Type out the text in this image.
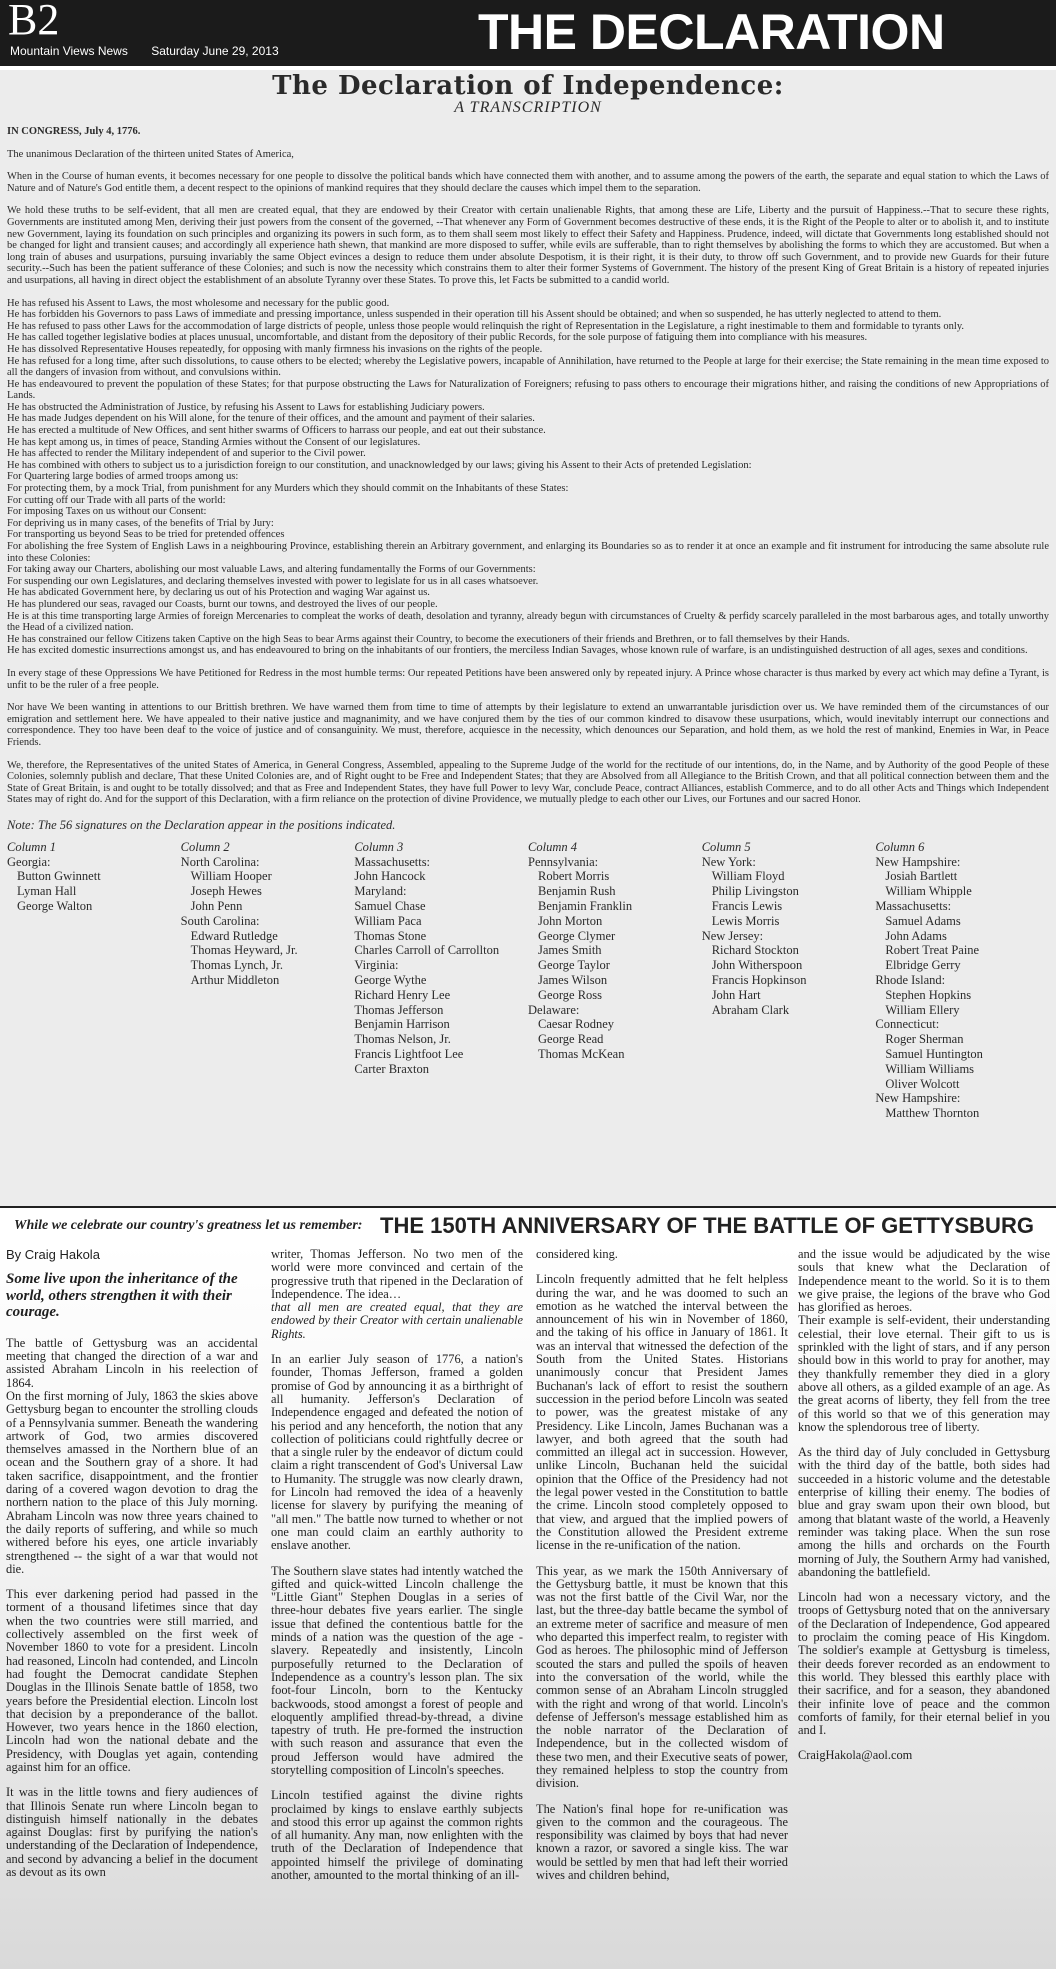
B2
Mountain Views News Saturday June 29, 2013	THE DECLARATION
The Declaration of Independence:
A TRANSCRIPTION

IN CONGRESS, July 4, 1776.

The unanimous Declaration of the thirteen united States of America,

When in the Course of human events, it becomes necessary for one people to dissolve the political bands which have connected them with another, and to assume among the powers of the earth, the separate and equal station to which the Laws of Nature and of Nature's God entitle them, a decent respect to the opinions of mankind requires that they should declare the causes which impel them to the separation.

We hold these truths to be self-evident, that all men are created equal, that they are endowed by their Creator with certain unalienable Rights, that among these are Life, Liberty and the pursuit of Happiness.--That to secure these rights, Governments are instituted among Men, deriving their just powers from the consent of the governed, --That whenever any Form of Government becomes destructive of these ends, it is the Right of the People to alter or to abolish it, and to institute new Government, laying its foundation on such principles and organizing its powers in such form, as to them shall seem most likely to effect their Safety and Happiness. Prudence, indeed, will dictate that Governments long established should not be changed for light and transient causes; and accordingly all experience hath shewn, that mankind are more disposed to suffer, while evils are sufferable, than to right themselves by abolishing the forms to which they are accustomed. But when a long train of abuses and usurpations, pursuing invariably the same Object evinces a design to reduce them under absolute Despotism, it is their right, it is their duty, to throw off such Government, and to provide new Guards for their future security.--Such has been the patient sufferance of these Colonies; and such is now the necessity which constrains them to alter their former Systems of Government. The history of the present King of Great Britain is a history of repeated injuries and usurpations, all having in direct object the establishment of an absolute Tyranny over these States. To prove this, let Facts be submitted to a candid world.

He has refused his Assent to Laws, the most wholesome and necessary for the public good.

He has forbidden his Governors to pass Laws of immediate and pressing importance, unless suspended in their operation till his Assent should be obtained; and when so suspended, he has utterly neglected to attend to them.

He has refused to pass other Laws for the accommodation of large districts of people, unless those people would relinquish the right of Representation in the Legislature, a right inestimable to them and formidable to tyrants only.

He has called together legislative bodies at places unusual, uncomfortable, and distant from the depository of their public Records, for the sole purpose of fatiguing them into compliance with his measures.

He has dissolved Representative Houses repeatedly, for opposing with manly firmness his invasions on the rights of the people.

He has refused for a long time, after such dissolutions, to cause others to be elected; whereby the Legislative powers, incapable of Annihilation, have returned to the People at large for their exercise; the State remaining in the mean time exposed to all the dangers of invasion from without, and convulsions within.

He has endeavoured to prevent the population of these States; for that purpose obstructing the Laws for Naturalization of Foreigners; refusing to pass others to encourage their migrations hither, and raising the conditions of new Appropriations of Lands.

He has obstructed the Administration of Justice, by refusing his Assent to Laws for establishing Judiciary powers.

He has made Judges dependent on his Will alone, for the tenure of their offices, and the amount and payment of their salaries.

He has erected a multitude of New Offices, and sent hither swarms of Officers to harrass our people, and eat out their substance.

He has kept among us, in times of peace, Standing Armies without the Consent of our legislatures.

He has affected to render the Military independent of and superior to the Civil power.

He has combined with others to subject us to a jurisdiction foreign to our constitution, and unacknowledged by our laws; giving his Assent to their Acts of pretended Legislation:

For Quartering large bodies of armed troops among us:

For protecting them, by a mock Trial, from punishment for any Murders which they should commit on the Inhabitants of these States:

For cutting off our Trade with all parts of the world:

For imposing Taxes on us without our Consent:

For depriving us in many cases, of the benefits of Trial by Jury:

For transporting us beyond Seas to be tried for pretended offences

For abolishing the free System of English Laws in a neighbouring Province, establishing therein an Arbitrary government, and enlarging its Boundaries so as to render it at once an example and fit instrument for introducing the same absolute rule into these Colonies:

For taking away our Charters, abolishing our most valuable Laws, and altering fundamentally the Forms of our Governments:

For suspending our own Legislatures, and declaring themselves invested with power to legislate for us in all cases whatsoever.

He has abdicated Government here, by declaring us out of his Protection and waging War against us.

He has plundered our seas, ravaged our Coasts, burnt our towns, and destroyed the lives of our people.

He is at this time transporting large Armies of foreign Mercenaries to compleat the works of death, desolation and tyranny, already begun with circumstances of Cruelty & perfidy scarcely paralleled in the most barbarous ages, and totally unworthy the Head of a civilized nation.

He has constrained our fellow Citizens taken Captive on the high Seas to bear Arms against their Country, to become the executioners of their friends and Brethren, or to fall themselves by their Hands.

He has excited domestic insurrections amongst us, and has endeavoured to bring on the inhabitants of our frontiers, the merciless Indian Savages, whose known rule of warfare, is an undistinguished destruction of all ages, sexes and conditions.

In every stage of these Oppressions We have Petitioned for Redress in the most humble terms: Our repeated Petitions have been answered only by repeated injury. A Prince whose character is thus marked by every act which may define a Tyrant, is unfit to be the ruler of a free people.

Nor have We been wanting in attentions to our Brittish brethren. We have warned them from time to time of attempts by their legislature to extend an unwarrantable jurisdiction over us. We have reminded them of the circumstances of our emigration and settlement here. We have appealed to their native justice and magnanimity, and we have conjured them by the ties of our common kindred to disavow these usurpations, which, would inevitably interrupt our connections and correspondence. They too have been deaf to the voice of justice and of consanguinity. We must, therefore, acquiesce in the necessity, which denounces our Separation, and hold them, as we hold the rest of mankind, Enemies in War, in Peace Friends.

We, therefore, the Representatives of the united States of America, in General Congress, Assembled, appealing to the Supreme Judge of the world for the rectitude of our intentions, do, in the Name, and by Authority of the good People of these Colonies, solemnly publish and declare, That these United Colonies are, and of Right ought to be Free and Independent States; that they are Absolved from all Allegiance to the British Crown, and that all political connection between them and the State of Great Britain, is and ought to be totally dissolved; and that as Free and Independent States, they have full Power to levy War, conclude Peace, contract Alliances, establish Commerce, and to do all other Acts and Things which Independent States may of right do. And for the support of this Declaration, with a firm reliance on the protection of divine Providence, we mutually pledge to each other our Lives, our Fortunes and our sacred Honor.

Note: The 56 signatures on the Declaration appear in the positions indicated.

Column 1
Georgia:
Button Gwinnett
Lyman Hall
George Walton
Column 2
North Carolina:
William Hooper
Joseph Hewes
John Penn
South Carolina:
Edward Rutledge
Thomas Heyward, Jr.
Thomas Lynch, Jr.
Arthur Middleton
Column 3
Massachusetts:
John Hancock
Maryland:
Samuel Chase
William Paca
Thomas Stone
Charles Carroll of Carrollton
Virginia:
George Wythe
Richard Henry Lee
Thomas Jefferson
Benjamin Harrison
Thomas Nelson, Jr.
Francis Lightfoot Lee
Carter Braxton
Column 4
Pennsylvania:
Robert Morris
Benjamin Rush
Benjamin Franklin
John Morton
George Clymer
James Smith
George Taylor
James Wilson
George Ross
Delaware:
Caesar Rodney
George Read
Thomas McKean
Column 5
New York:
William Floyd
Philip Livingston
Francis Lewis
Lewis Morris
New Jersey:
Richard Stockton
John Witherspoon
Francis Hopkinson
John Hart
Abraham Clark
Column 6
New Hampshire:
Josiah Bartlett
William Whipple
Massachusetts:
Samuel Adams
John Adams
Robert Treat Paine
Elbridge Gerry
Rhode Island:
Stephen Hopkins
William Ellery
Connecticut:
Roger Sherman
Samuel Huntington
William Williams
Oliver Wolcott
New Hampshire:
Matthew Thornton
While we celebrate our country's greatness let us remember: THE 150TH ANNIVERSARY OF THE BATTLE OF GETTYSBURG

By Craig Hakola

Some live upon the inheritance of the world, others strengthen it with their courage.

The battle of Gettysburg was an accidental meeting that changed the direction of a war and assisted Abraham Lincoln in his reelection of 1864.

On the first morning of July, 1863 the skies above Gettysburg began to encounter the strolling clouds of a Pennsylvania summer. Beneath the wandering artwork of God, two armies discovered themselves amassed in the Northern blue of an ocean and the Southern gray of a shore. It had taken sacrifice, disappointment, and the frontier daring of a covered wagon devotion to drag the northern nation to the place of this July morning. Abraham Lincoln was now three years chained to the daily reports of suffering, and while so much withered before his eyes, one article invariably strengthened -- the sight of a war that would not die.

This ever darkening period had passed in the torment of a thousand lifetimes since that day when the two countries were still married, and collectively assembled on the first week of November 1860 to vote for a president. Lincoln had reasoned, Lincoln had contended, and Lincoln had fought the Democrat candidate Stephen Douglas in the Illinois Senate battle of 1858, two years before the Presidential election. Lincoln lost that decision by a preponderance of the ballot. However, two years hence in the 1860 election, Lincoln had won the national debate and the Presidency, with Douglas yet again, contending against him for an office.

It was in the little towns and fiery audiences of that Illinois Senate run where Lincoln began to distinguish himself nationally in the debates against Douglas: first by purifying the nation's understanding of the Declaration of Independence, and second by advancing a belief in the document as devout as its own

writer, Thomas Jefferson. No two men of the world were more convinced and certain of the progressive truth that ripened in the Declaration of Independence. The idea…

that all men are created equal, that they are endowed by their Creator with certain unalienable Rights.

In an earlier July season of 1776, a nation's founder, Thomas Jefferson, framed a golden promise of God by announcing it as a birthright of all humanity. Jefferson's Declaration of Independence engaged and defeated the notion of his period and any henceforth, the notion that any collection of politicians could rightfully decree or that a single ruler by the endeavor of dictum could claim a right transcendent of God's Universal Law to Humanity. The struggle was now clearly drawn, for Lincoln had removed the idea of a heavenly license for slavery by purifying the meaning of "all men." The battle now turned to whether or not one man could claim an earthly authority to enslave another.

The Southern slave states had intently watched the gifted and quick-witted Lincoln challenge the "Little Giant" Stephen Douglas in a series of three-hour debates five years earlier. The single issue that defined the contentious battle for the minds of a nation was the question of the age - slavery. Repeatedly and insistently, Lincoln purposefully returned to the Declaration of Independence as a country's lesson plan. The six foot-four Lincoln, born to the Kentucky backwoods, stood amongst a forest of people and eloquently amplified thread-by-thread, a divine tapestry of truth. He pre-formed the instruction with such reason and assurance that even the proud Jefferson would have admired the storytelling composition of Lincoln's speeches.

Lincoln testified against the divine rights proclaimed by kings to enslave earthly subjects and stood this error up against the common rights of all humanity. Any man, now enlighten with the truth of the Declaration of Independence that appointed himself the privilege of dominating another, amounted to the mortal thinking of an ill-

considered king.

Lincoln frequently admitted that he felt helpless during the war, and he was doomed to such an emotion as he watched the interval between the announcement of his win in November of 1860, and the taking of his office in January of 1861. It was an interval that witnessed the defection of the South from the United States. Historians unanimously concur that President James Buchanan's lack of effort to resist the southern succession in the period before Lincoln was seated to power, was the greatest mistake of any Presidency. Like Lincoln, James Buchanan was a lawyer, and both agreed that the south had committed an illegal act in succession. However, unlike Lincoln, Buchanan held the suicidal opinion that the Office of the Presidency had not the legal power vested in the Constitution to battle the crime. Lincoln stood completely opposed to that view, and argued that the implied powers of the Constitution allowed the President extreme license in the re-unification of the nation.

This year, as we mark the 150th Anniversary of the Gettysburg battle, it must be known that this was not the first battle of the Civil War, nor the last, but the three-day battle became the symbol of an extreme meter of sacrifice and measure of men who departed this imperfect realm, to register with God as heroes. The philosophic mind of Jefferson scouted the stars and pulled the spoils of heaven into the conversation of the world, while the common sense of an Abraham Lincoln struggled with the right and wrong of that world. Lincoln's defense of Jefferson's message established him as the noble narrator of the Declaration of Independence, but in the collected wisdom of these two men, and their Executive seats of power, they remained helpless to stop the country from division.

The Nation's final hope for re-unification was given to the common and the courageous. The responsibility was claimed by boys that had never known a razor, or savored a single kiss. The war would be settled by men that had left their worried wives and children behind,

and the issue would be adjudicated by the wise souls that knew what the Declaration of Independence meant to the world. So it is to them we give praise, the legions of the brave who God has glorified as heroes.

Their example is self-evident, their understanding celestial, their love eternal. Their gift to us is sprinkled with the light of stars, and if any person should bow in this world to pray for another, may they thankfully remember they died in a glory above all others, as a gilded example of an age. As the great acorns of liberty, they fell from the tree of this world so that we of this generation may know the splendorous tree of liberty.

As the third day of July concluded in Gettysburg with the third day of the battle, both sides had succeeded in a historic volume and the detestable enterprise of killing their enemy. The bodies of blue and gray swam upon their own blood, but among that blatant waste of the world, a Heavenly reminder was taking place. When the sun rose among the hills and orchards on the Fourth morning of July, the Southern Army had vanished, abandoning the battlefield.

Lincoln had won a necessary victory, and the troops of Gettysburg noted that on the anniversary of the Declaration of Independence, God appeared to proclaim the coming peace of His Kingdom. The soldier's example at Gettysburg is timeless, their deeds forever recorded as an endowment to this world. They blessed this earthly place with their sacrifice, and for a season, they abandoned their infinite love of peace and the common comforts of family, for their eternal belief in you and I.

CraigHakola@aol.com
